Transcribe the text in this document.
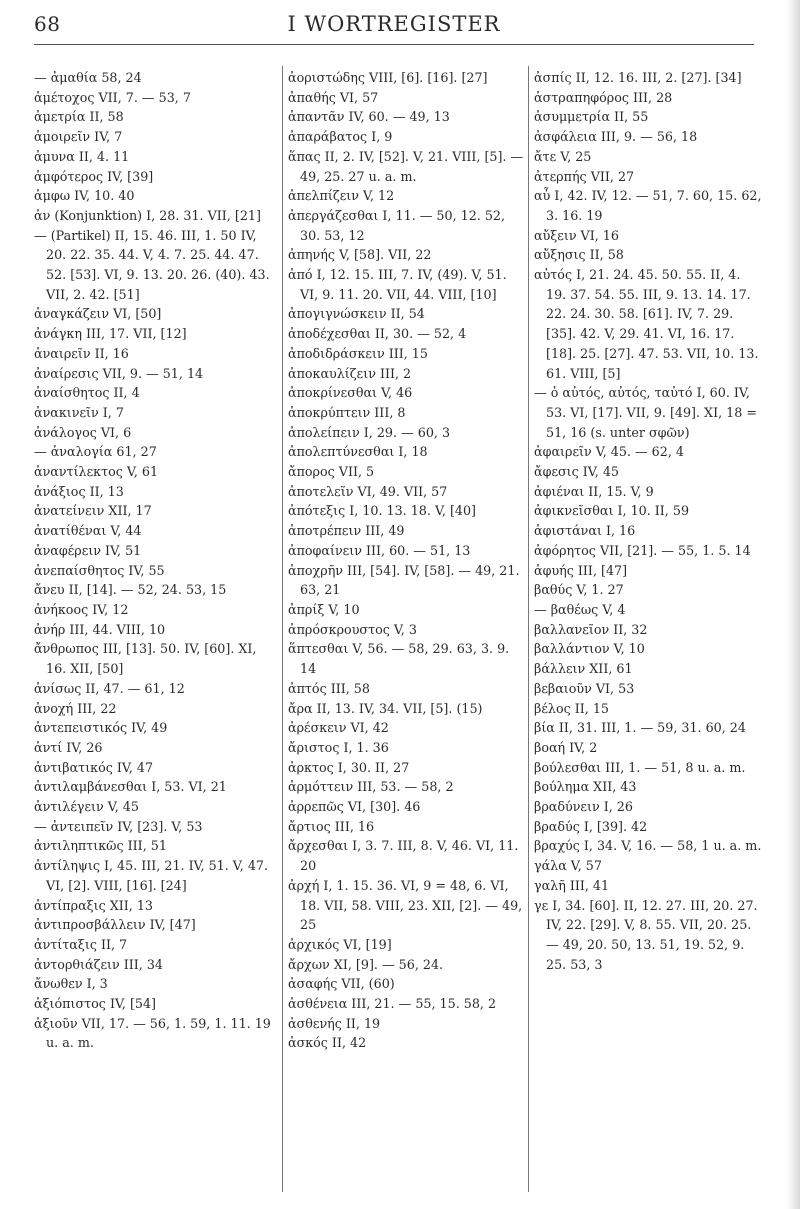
68	I WORTREGISTER
— ἀμαθία 58, 24
ἀμέτοχος VII, 7. — 53, 7
ἀμετρία II, 58
ἀμοιρεῖν IV, 7
ἀμυνα II, 4. 11
ἀμφότερος IV, [39]
ἀμφω IV, 10. 40
ἀν (Konjunktion) I, 28. 31. VII, [21]
— (Partikel) II, 15. 46. III, 1. 50 IV, 20. 22. 35. 44. V, 4. 7. 25. 44. 47. 52. [53]. VI, 9. 13. 20. 26. (40). 43. VII, 2. 42. [51]
ἀναγκάζειν VI, [50]
ἀνάγκη III, 17. VII, [12]
ἀναιρεῖν II, 16
ἀναίρεσις VII, 9. — 51, 14
ἀναίσθητος II, 4
ἀνακινεῖν I, 7
ἀνάλογος VI, 6
— ἀναλογία 61, 27
ἀναντίλεκτος V, 61
ἀνάξιος II, 13
ἀνατείνειν XII, 17
ἀνατίθέναι V, 44
ἀναφέρειν IV, 51
ἀνεπαίσθητος IV, 55
ἄνευ II, [14]. — 52, 24. 53, 15
ἀνήκοος IV, 12
ἀνήρ III, 44. VIII, 10
ἄνθρωπος III, [13]. 50. IV, [60]. XI, 16. XII, [50]
ἀνίσως II, 47. — 61, 12
ἀνοχή III, 22
ἀντεπειστικός IV, 49
ἀντί IV, 26
ἀντιβατικός IV, 47
ἀντιλαμβάνεσθαι I, 53. VI, 21
ἀντιλέγειν V, 45
— ἀντειπεῖν IV, [23]. V, 53
ἀντιληπτικῶς III, 51
ἀντίληψις I, 45. III, 21. IV, 51. V, 47. VI, [2]. VIII, [16]. [24]
ἀντίπραξις XII, 13
ἀντιπροσβάλλειν IV, [47]
ἀντίταξις II, 7
ἀντορθιάζειν III, 34
ἄνωθεν I, 3
ἀξιόπιστος IV, [54]
ἀξιοῦν VII, 17. — 56, 1. 59, 1. 11. 19 u. a. m.
ἀοριστώδης VIII, [6]. [16]. [27]
ἀπαθής VI, 57
ἀπαντᾶν IV, 60. — 49, 13
ἀπαράβατος I, 9
ἅπας II, 2. IV, [52]. V, 21. VIII, [5]. — 49, 25. 27 u. a. m.
ἀπελπίζειν V, 12
ἀπεργάζεσθαι I, 11. — 50, 12. 52, 30. 53, 12
ἀπηνής V, [58]. VII, 22
ἀπό I, 12. 15. III, 7. IV, (49). V, 51. VI, 9. 11. 20. VII, 44. VIII, [10]
ἀπογιγνώσκειν II, 54
ἀποδέχεσθαι II, 30. — 52, 4
ἀποδιδράσκειν III, 15
ἀποκαυλίζειν III, 2
ἀποκρίνεσθαι V, 46
ἀποκρύπτειν III, 8
ἀπολείπειν I, 29. — 60, 3
ἀπολεπτύνεσθαι I, 18
ἄπορος VII, 5
ἀποτελεῖν VI, 49. VII, 57
ἀπότεξις I, 10. 13. 18. V, [40]
ἀποτρέπειν III, 49
ἀποφαίνειν III, 60. — 51, 13
ἀποχρῆν III, [54]. IV, [58]. — 49, 21. 63, 21
ἀπρίξ V, 10
ἀπρόσκρουστος V, 3
ἅπτεσθαι V, 56. — 58, 29. 63, 3. 9. 14
ἀπτός III, 58
ἄρα II, 13. IV, 34. VII, [5]. (15)
ἀρέσκειν VI, 42
ἄριστος I, 1. 36
ἀρκτος I, 30. II, 27
ἁρμόττειν III, 53. — 58, 2
ἀρρεπῶς VI, [30]. 46
ἄρτιος III, 16
ἄρχεσθαι I, 3. 7. III, 8. V, 46. VI, 11. 20
ἀρχή I, 1. 15. 36. VI, 9 = 48, 6. VI, 18. VII, 58. VIII, 23. XII, [2]. — 49, 25
ἀρχικός VI, [19]
ἄρχων XI, [9]. — 56, 24.
ἀσαφής VII, (60)
ἀσθένεια III, 21. — 55, 15. 58, 2
ἀσθενής II, 19
ἀσκός II, 42
ἀσπίς II, 12. 16. III, 2. [27]. [34]
ἀστραπηφόρος III, 28
ἀσυμμετρία II, 55
ἀσφάλεια III, 9. — 56, 18
ἄτε V, 25
ἀτερπής VII, 27
αὖ I, 42. IV, 12. — 51, 7. 60, 15. 62, 3. 16. 19
αὔξειν VI, 16
αὔξησις II, 58
αὐτός I, 21. 24. 45. 50. 55. II, 4. 19. 37. 54. 55. III, 9. 13. 14. 17. 22. 24. 30. 58. [61]. IV, 7. 29. [35]. 42. V, 29. 41. VI, 16. 17. [18]. 25. [27]. 47. 53. VII, 10. 13. 61. VIII, [5]
— ὁ αὐτός, αὐτός, ταὐτό I, 60. IV, 53. VI, [17]. VII, 9. [49]. XI, 18 = 51, 16 (s. unter σφῶν)
ἀφαιρεῖν V, 45. — 62, 4
ἄφεσις IV, 45
ἀφιέναι II, 15. V, 9
ἀφικνεῖσθαι I, 10. II, 59
ἀφιστάναι I, 16
ἀφόρητος VII, [21]. — 55, 1. 5. 14
ἀφυής III, [47]
βαθύς V, 1. 27
— βαθέως V, 4
βαλλανεῖον II, 32
βαλλάντιον V, 10
βάλλειν XII, 61
βεβαιοῦν VI, 53
βέλος II, 15
βία II, 31. III, 1. — 59, 31. 60, 24
βοαή IV, 2
βούλεσθαι III, 1. — 51, 8 u. a. m.
βούλημα XII, 43
βραδύνειν I, 26
βραδύς I, [39]. 42
βραχύς I, 34. V, 16. — 58, 1 u. a. m.
γάλα V, 57
γαλῆ III, 41
γε I, 34. [60]. II, 12. 27. III, 20. 27. IV, 22. [29]. V, 8. 55. VII, 20. 25. — 49, 20. 50, 13. 51, 19. 52, 9. 25. 53, 3
